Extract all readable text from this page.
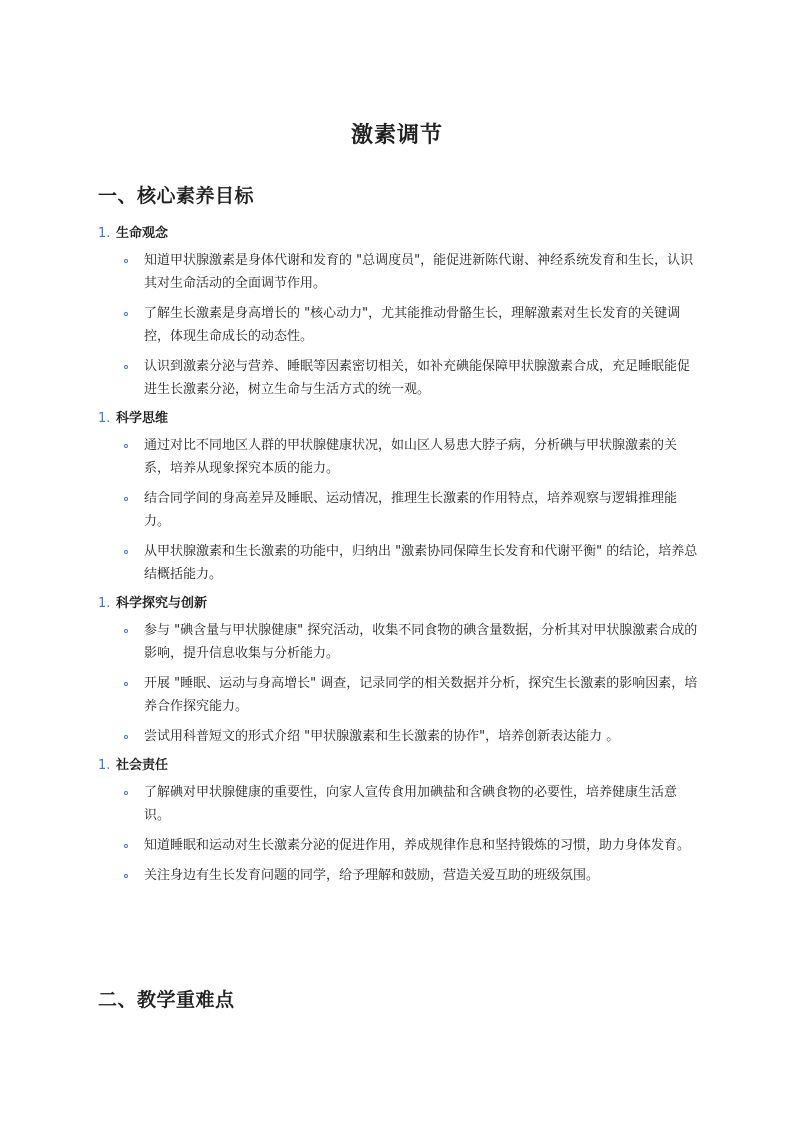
激素调节
一、核心素养目标
1. 生命观念
知道甲状腺激素是身体代谢和发育的 "总调度员"，能促进新陈代谢、神经系统发育和生长，认识其对生命活动的全面调节作用。
了解生长激素是身高增长的 "核心动力"，尤其能推动骨骼生长，理解激素对生长发育的关键调控，体现生命成长的动态性。
认识到激素分泌与营养、睡眠等因素密切相关，如补充碘能保障甲状腺激素合成，充足睡眠能促进生长激素分泌，树立生命与生活方式的统一观。
1. 科学思维
通过对比不同地区人群的甲状腺健康状况，如山区人易患大脖子病，分析碘与甲状腺激素的关系，培养从现象探究本质的能力。
结合同学间的身高差异及睡眠、运动情况，推理生长激素的作用特点，培养观察与逻辑推理能力。
从甲状腺激素和生长激素的功能中，归纳出 "激素协同保障生长发育和代谢平衡" 的结论，培养总结概括能力。
1. 科学探究与创新
参与 "碘含量与甲状腺健康" 探究活动，收集不同食物的碘含量数据，分析其对甲状腺激素合成的影响，提升信息收集与分析能力。
开展 "睡眠、运动与身高增长" 调查，记录同学的相关数据并分析，探究生长激素的影响因素，培养合作探究能力。
尝试用科普短文的形式介绍 "甲状腺激素和生长激素的协作"，培养创新表达能力 。
1. 社会责任
了解碘对甲状腺健康的重要性，向家人宣传食用加碘盐和含碘食物的必要性，培养健康生活意识。
知道睡眠和运动对生长激素分泌的促进作用，养成规律作息和坚持锻炼的习惯，助力身体发育。
关注身边有生长发育问题的同学，给予理解和鼓励，营造关爱互助的班级氛围。
二、教学重难点
